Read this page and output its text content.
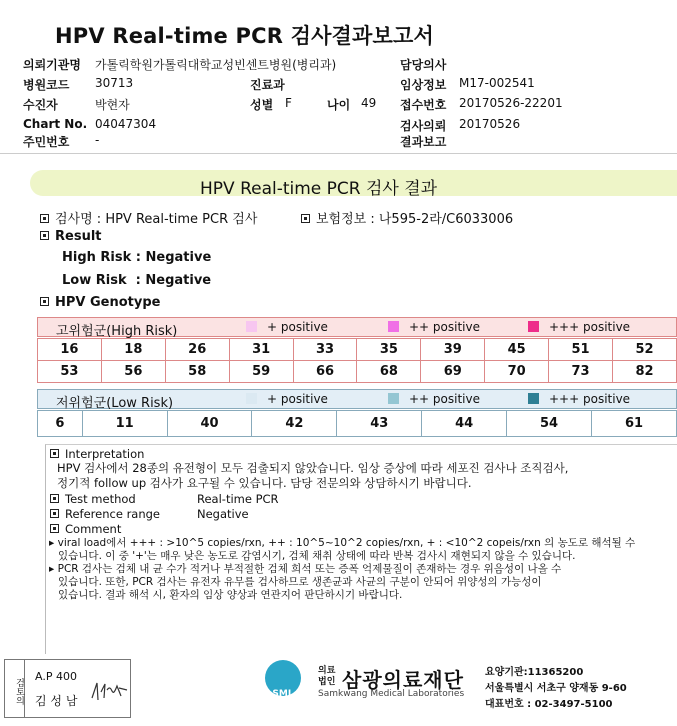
HPV Real-time PCR 검사결과보고서
의뢰기관명 가톨릭학원가톨릭대학교성빈센트병원(병리과)	담당의사
병원코드 30713	진료과	임상정보 M17-002541
수진자	박현자	성별 F	나이 49 접수번호 20170526-22201
Chart No. 04047304	검사의뢰 20170526
주민번호 -	결과보고
HPV Real-time PCR 검사 결과
검사명 : HPV Real-time PCR 검사	보험정보 : 나595-2라/C6033006
Result
High Risk : Negative
Low Risk  : Negative
HPV Genotype
고위험군(High Risk)	+ positive	++ positive	+++ positive
16	18	26	31	33	35	39	45	51	52
53	56	58	59	66	68	69	70	73	82
저위험군(Low Risk)	+ positive	++ positive	+++ positive
6	11	40	42	43	44	54	61
Interpretation
HPV 검사에서 28종의 유전형이 모두 검출되지 않았습니다. 임상 증상에 따라 세포진 검사나 조직검사,
정기적 follow up 검사가 요구될 수 있습니다. 담당 전문의와 상담하시기 바랍니다.
Test method	Real-time PCR
Reference range	Negative
Comment
▸ viral load에서 +++ : >10^5 copies/rxn, ++ : 10^5~10^2 copies/rxn, + : <10^2 copeis/rxn 의 농도로 해석될 수
있습니다. 이 중 '+'는 매우 낮은 농도로 감염시기, 검체 채취 상태에 따라 반복 검사시 재현되지 않을 수 있습니다.
▸ PCR 검사는 검체 내 균 수가 적거나 부적절한 검체 희석 또는 증폭 억제물질이 존재하는 경우 위음성이 나올 수
있습니다. 또한, PCR 검사는 유전자 유무를 검사하므로 생존균과 사균의 구분이 안되어 위양성의 가능성이
있습니다. 결과 해석 시, 환자의 임상 양상과 연관지어 판단하시기 바랍니다.
검토의
A.P 400
김 성 남	SML
의료
법인 삼광의료재단
Samkwang Medical Laboratories
요양기관:11365200
서울특별시 서초구 양재동 9-60
대표번호 : 02-3497-5100
